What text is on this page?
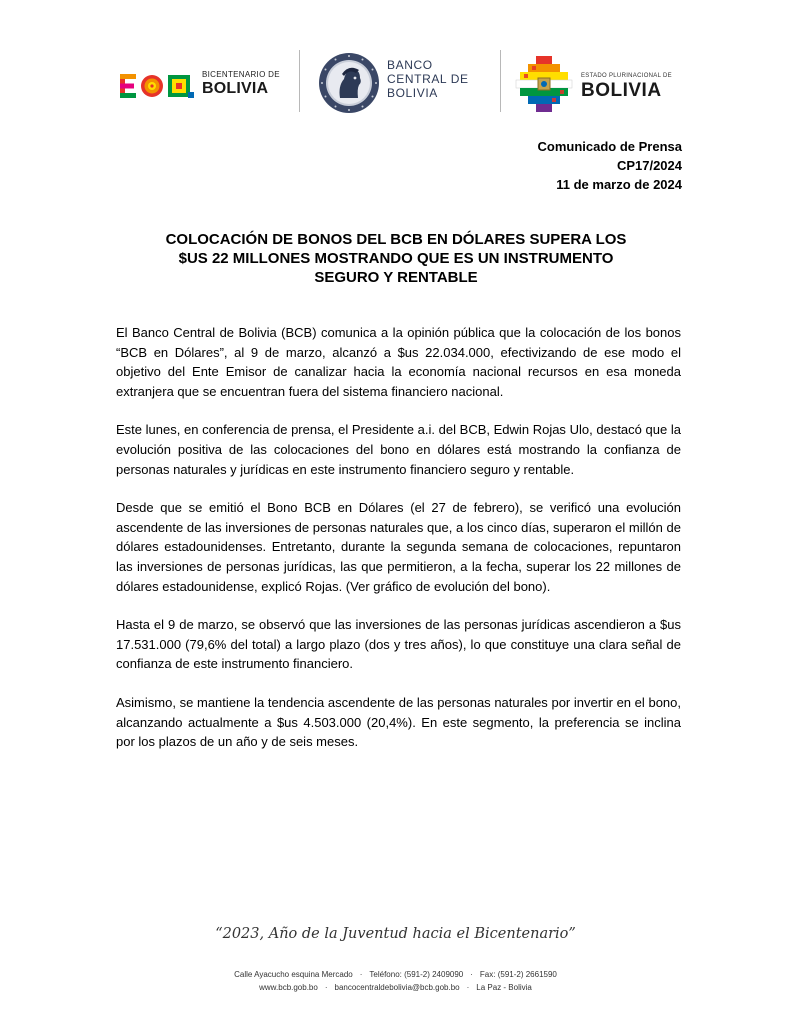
BICENTENARIO DE
BOLIVIA
BANCO
CENTRAL DE
BOLIVIA
ESTADO PLURINACIONAL DE
BOLIVIA
Comunicado de Prensa
CP17/2024
11 de marzo de 2024
COLOCACIÓN DE BONOS DEL BCB EN DÓLARES SUPERA LOS
$US 22 MILLONES MOSTRANDO QUE ES UN INSTRUMENTO
SEGURO Y RENTABLE

El Banco Central de Bolivia (BCB) comunica a la opinión pública que la colocación de los bonos “BCB en Dólares”, al 9 de marzo, alcanzó a $us 22.034.000, efectivizando de ese modo el objetivo del Ente Emisor de canalizar hacia la economía nacional recursos en esa moneda extranjera que se encuentran fuera del sistema financiero nacional.

Este lunes, en conferencia de prensa, el Presidente a.i. del BCB, Edwin Rojas Ulo, destacó que la evolución positiva de las colocaciones del bono en dólares está mostrando la confianza de personas naturales y jurídicas en este instrumento financiero seguro y rentable.

Desde que se emitió el Bono BCB en Dólares (el 27 de febrero), se verificó una evolución ascendente de las inversiones de personas naturales que, a los cinco días, superaron el millón de dólares estadounidenses. Entretanto, durante la segunda semana de colocaciones, repuntaron las inversiones de personas jurídicas, las que permitieron, a la fecha, superar los 22 millones de dólares estadounidense, explicó Rojas. (Ver gráfico de evolución del bono).

Hasta el 9 de marzo, se observó que las inversiones de las personas jurídicas ascendieron a $us 17.531.000 (79,6% del total) a largo plazo (dos y tres años), lo que constituye una clara señal de confianza de este instrumento financiero.

Asimismo, se mantiene la tendencia ascendente de las personas naturales por invertir en el bono, alcanzando actualmente a $us 4.503.000 (20,4%). En este segmento, la preferencia se inclina por los plazos de un año y de seis meses.

“2023, Año de la Juventud hacia el Bicentenario”
Calle Ayacucho esquina Mercado · Teléfono: (591-2) 2409090 · Fax: (591-2) 2661590
www.bcb.gob.bo · bancocentraldebolivia@bcb.gob.bo · La Paz - Bolivia
